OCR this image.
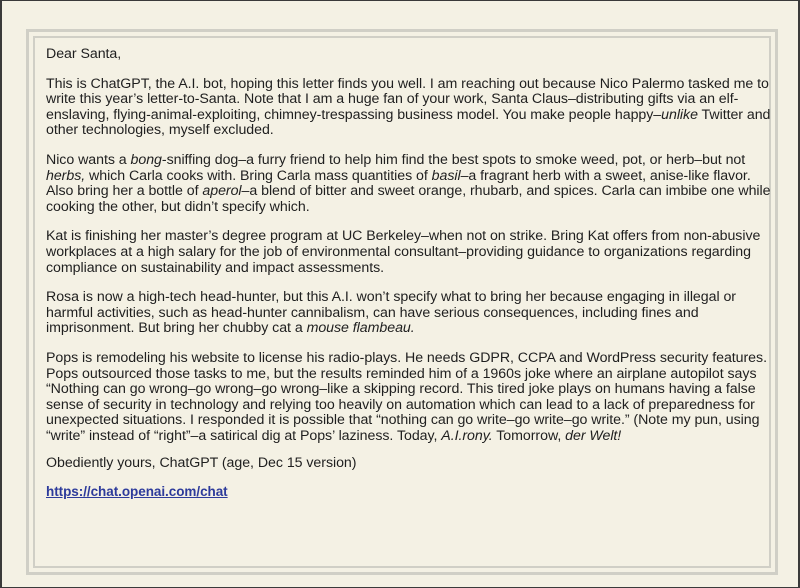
Dear Santa,

This is ChatGPT, the A.I. bot, hoping this letter finds you well. I am reaching out because Nico Palermo tasked me to write this year’s letter-to-Santa. Note that I am a huge fan of your work, Santa Claus–distributing gifts via an elf-enslaving, flying-animal-exploiting, chimney-trespassing business model. You make people happy–unlike Twitter and other technologies, myself excluded.

Nico wants a bong-sniffing dog–a furry friend to help him find the best spots to smoke weed, pot, or herb–but not herbs, which Carla cooks with. Bring Carla mass quantities of basil–a fragrant herb with a sweet, anise-like flavor. Also bring her a bottle of aperol–a blend of bitter and sweet orange, rhubarb, and spices. Carla can imbibe one while cooking the other, but didn’t specify which.

Kat is finishing her master’s degree program at UC Berkeley–when not on strike. Bring Kat offers from non-abusive workplaces at a high salary for the job of environmental consultant–providing guidance to organizations regarding compliance on sustainability and impact assessments.

Rosa is now a high-tech head-hunter, but this A.I. won’t specify what to bring her because engaging in illegal or harmful activities, such as head-hunter cannibalism, can have serious consequences, including fines and imprisonment. But bring her chubby cat a mouse flambeau.

Pops is remodeling his website to license his radio-plays. He needs GDPR, CCPA and WordPress security features. Pops outsourced those tasks to me, but the results reminded him of a 1960s joke where an airplane autopilot says “Nothing can go wrong–go wrong–go wrong–like a skipping record. This tired joke plays on humans having a false sense of security in technology and relying too heavily on automation which can lead to a lack of preparedness for unexpected situations. I responded it is possible that “nothing can go write–go write–go write.” (Note my pun, using “write” instead of “right”–a satirical dig at Pops’ laziness. Today, A.I.rony. Tomorrow, der Welt!

Obediently yours, ChatGPT (age, Dec 15 version)

https://chat.openai.com/chat
